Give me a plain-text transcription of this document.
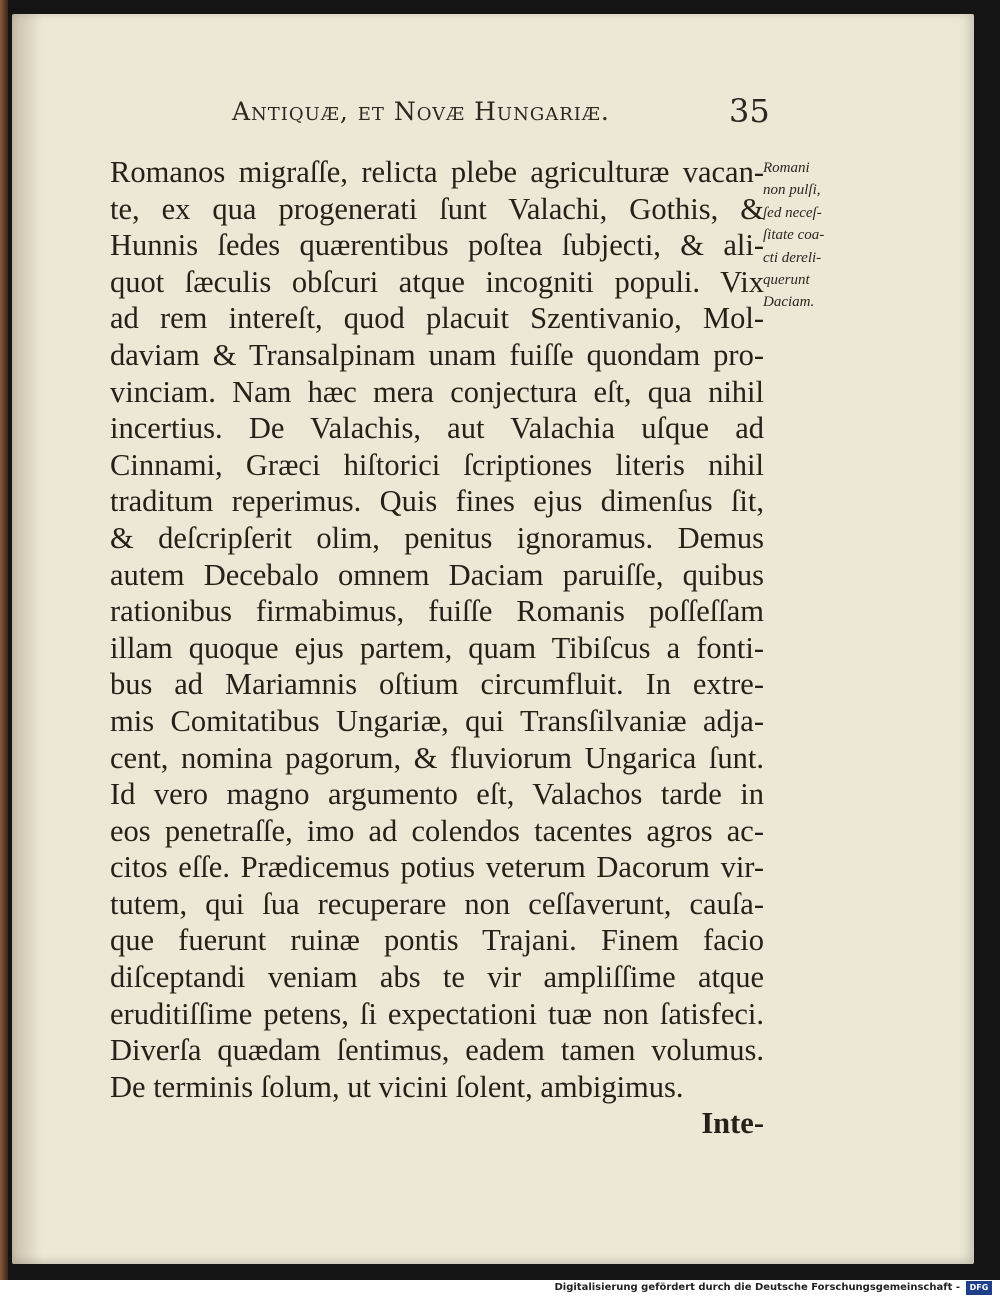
Antiquæ, et Novæ Hungariæ.	35
Romanos migraſſe, relicta plebe agriculturæ vacan-
te, ex qua progenerati ſunt Valachi, Gothis, &
Hunnis ſedes quærentibus poſtea ſubjecti, & ali-
quot ſæculis obſcuri atque incogniti populi. Vix
ad rem intereſt, quod placuit Szentivanio, Mol-
daviam & Transalpinam unam fuiſſe quondam pro-
vinciam. Nam hæc mera conjectura eſt, qua nihil
incertius. De Valachis, aut Valachia uſque ad
Cinnami, Græci hiſtorici ſcriptiones literis nihil
traditum reperimus. Quis fines ejus dimenſus ſit,
& deſcripſerit olim, penitus ignoramus. Demus
autem Decebalo omnem Daciam paruiſſe, quibus
rationibus firmabimus, fuiſſe Romanis poſſeſſam
illam quoque ejus partem, quam Tibiſcus a fonti-
bus ad Mariamnis oſtium circumfluit. In extre-
mis Comitatibus Ungariæ, qui Transſilvaniæ adja-
cent, nomina pagorum, & fluviorum Ungarica ſunt.
Id vero magno argumento eſt, Valachos tarde in
eos penetraſſe, imo ad colendos tacentes agros ac-
citos eſſe. Prædicemus potius veterum Dacorum vir-
tutem, qui ſua recuperare non ceſſaverunt, cauſa-
que fuerunt ruinæ pontis Trajani. Finem facio
diſceptandi veniam abs te vir ampliſſime atque
eruditiſſime petens, ſi expectationi tuæ non ſatisfeci.
Diverſa quædam ſentimus, eadem tamen volumus.
De terminis ſolum, ut vicini ſolent, ambigimus.
Inte-
Romani
non pulſi,
ſed neceſ-
ſitate coa-
cti dereli-
querunt
Daciam.
Digitalisierung gefördert durch die Deutsche Forschungsgemeinschaft -	DFG
